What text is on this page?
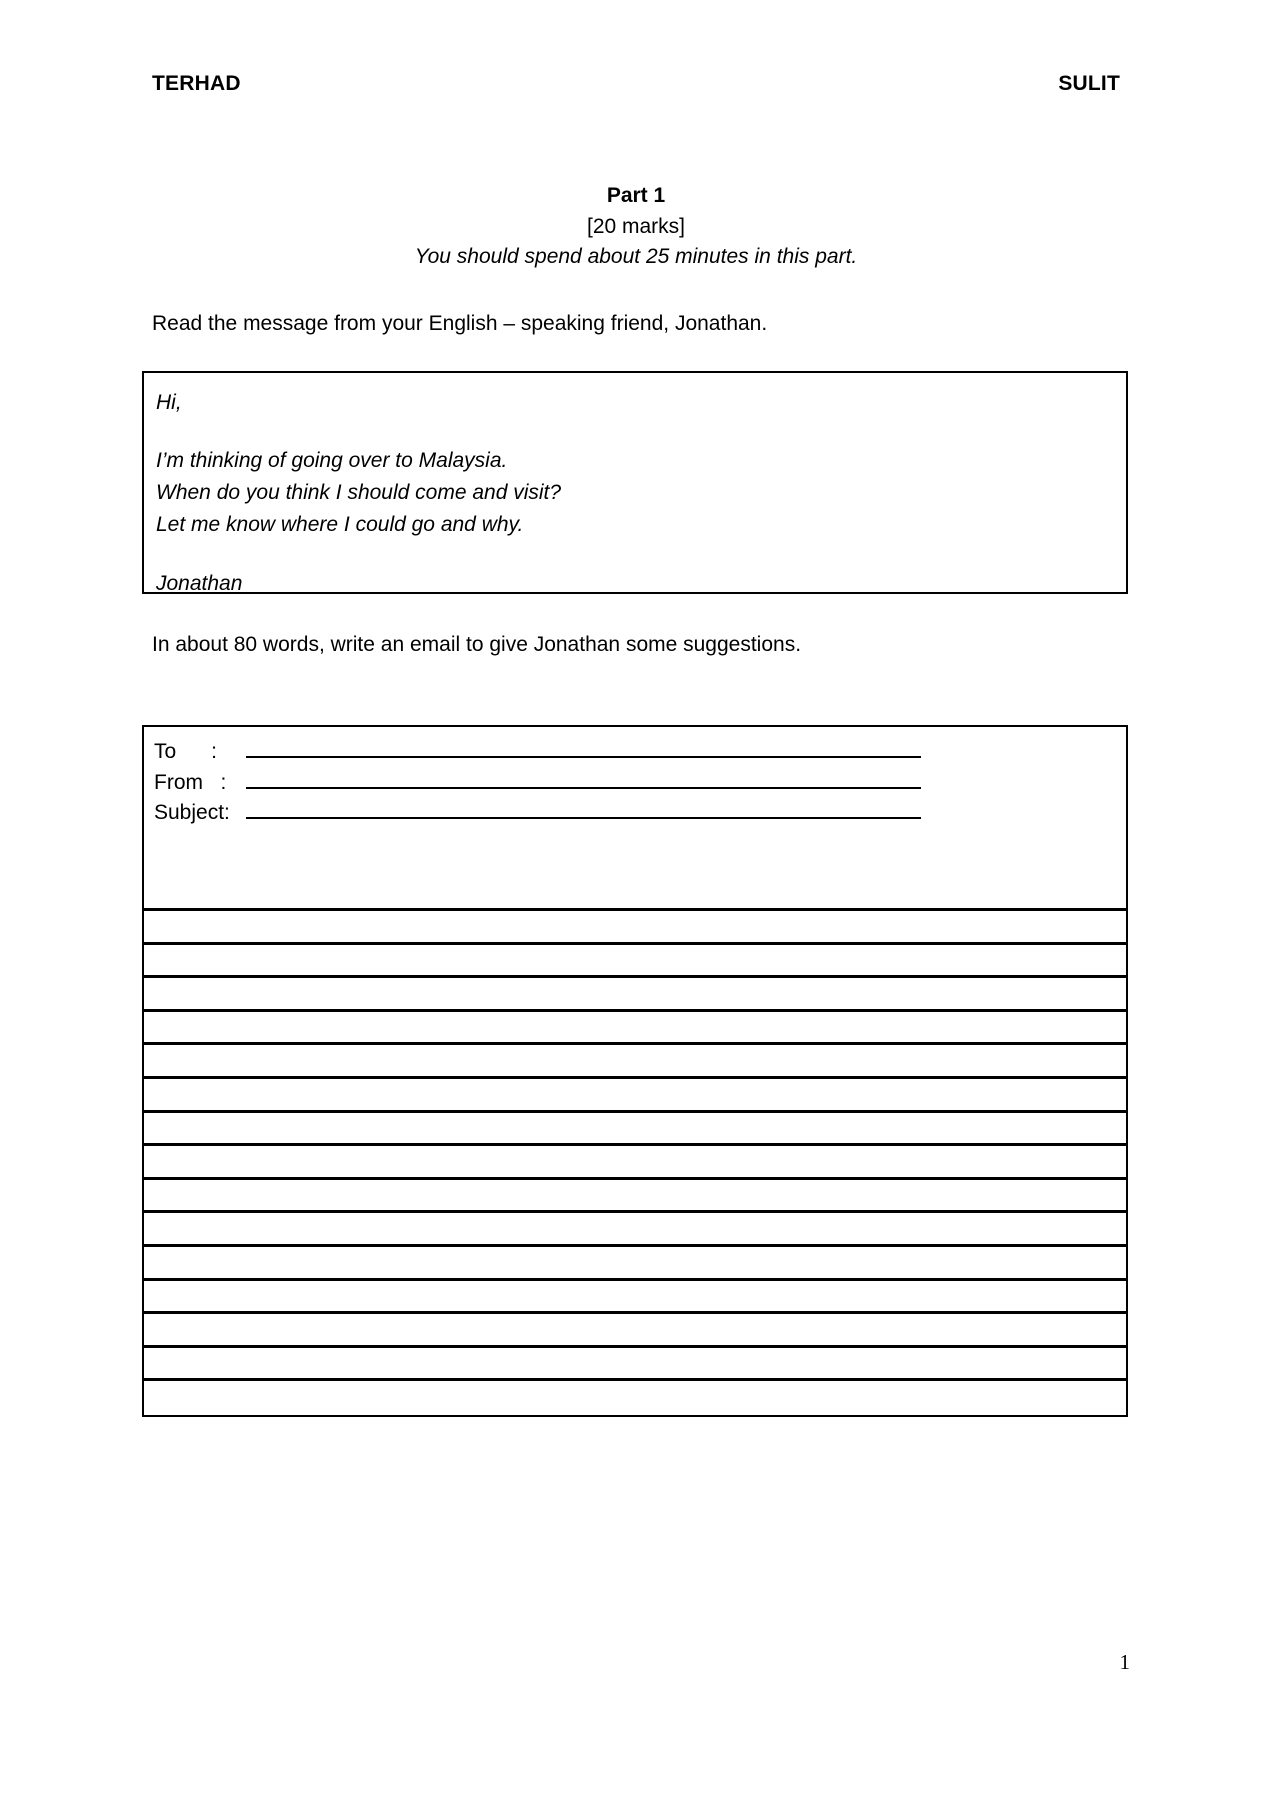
TERHAD	SULIT
Part 1
[20 marks]
You should spend about 25 minutes in this part.
Read the message from your English – speaking friend, Jonathan.
Hi,
I’m thinking of going over to Malaysia.
When do you think I should come and visit?
Let me know where I could go and why.
Jonathan
In about 80 words, write an email to give Jonathan some suggestions.
To      :
From   :
Subject:
1
